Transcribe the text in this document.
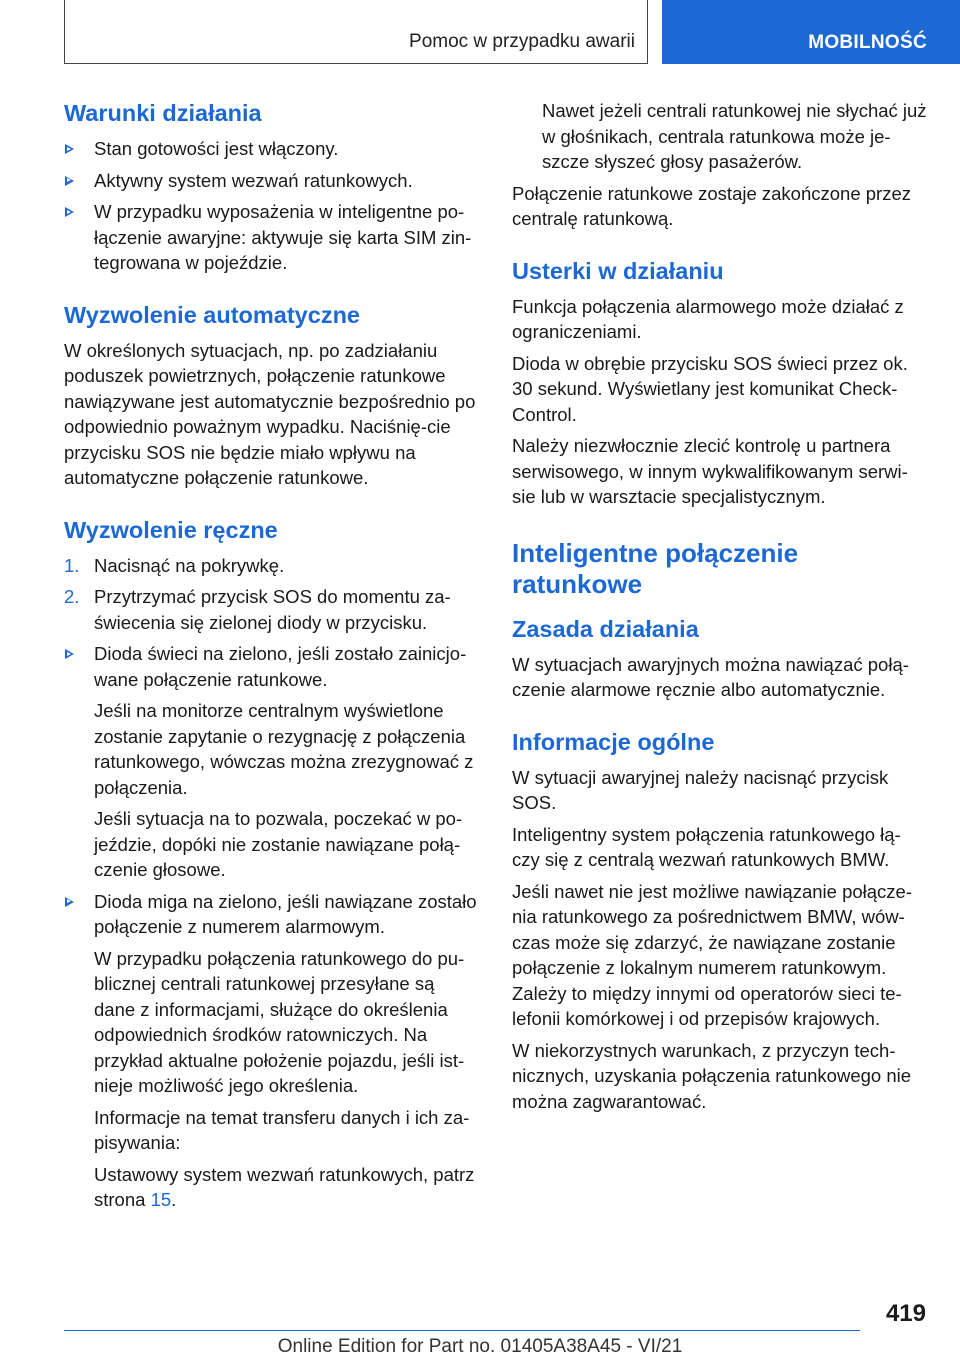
Pomoc w przypadku awarii	MOBILNOŚĆ
Warunki działania
Stan gotowości jest włączony.
Aktywny system wezwań ratunkowych.
W przypadku wyposażenia w inteligentne po-łączenie awaryjne: aktywuje się karta SIM zin-tegrowana w pojeździe.
Wyzwolenie automatyczne

W określonych sytuacjach, np. po zadziałaniu poduszek powietrznych, połączenie ratunkowe nawiązywane jest automatycznie bezpośrednio po odpowiednio poważnym wypadku. Naciśnię-cie przycisku SOS nie będzie miało wpływu na automatyczne połączenie ratunkowe.

Wyzwolenie ręczne
1. Nacisnąć na pokrywkę.
2. Przytrzymać przycisk SOS do momentu za-świecenia się zielonej diody w przycisku.
Dioda świeci na zielono, jeśli zostało zainicjo-wane połączenie ratunkowe.

Jeśli na monitorze centralnym wyświetlone zostanie zapytanie o rezygnację z połączenia ratunkowego, wówczas można zrezygnować z połączenia.

Jeśli sytuacja na to pozwala, poczekać w po-jeździe, dopóki nie zostanie nawiązane połą-czenie głosowe.

Dioda miga na zielono, jeśli nawiązane zostało połączenie z numerem alarmowym.

W przypadku połączenia ratunkowego do pu-blicznej centrali ratunkowej przesyłane są dane z informacjami, służące do określenia odpowiednich środków ratowniczych. Na przykład aktualne położenie pojazdu, jeśli ist-nieje możliwość jego określenia.

Informacje na temat transferu danych i ich za-pisywania:

Ustawowy system wezwań ratunkowych, patrz strona 15.

Nawet jeżeli centrali ratunkowej nie słychać już w głośnikach, centrala ratunkowa może je-szcze słyszeć głosy pasażerów.

Połączenie ratunkowe zostaje zakończone przez centralę ratunkową.

Usterki w działaniu

Funkcja połączenia alarmowego może działać z ograniczeniami.

Dioda w obrębie przycisku SOS świeci przez ok. 30 sekund. Wyświetlany jest komunikat Check-Control.

Należy niezwłocznie zlecić kontrolę u partnera serwisowego, w innym wykwalifikowanym serwi-sie lub w warsztacie specjalistycznym.

Inteligentne połączenie ratunkowe
Zasada działania

W sytuacjach awaryjnych można nawiązać połą-czenie alarmowe ręcznie albo automatycznie.

Informacje ogólne

W sytuacji awaryjnej należy nacisnąć przycisk SOS.

Inteligentny system połączenia ratunkowego łą-czy się z centralą wezwań ratunkowych BMW.

Jeśli nawet nie jest możliwe nawiązanie połącze-nia ratunkowego za pośrednictwem BMW, wów-czas może się zdarzyć, że nawiązane zostanie połączenie z lokalnym numerem ratunkowym. Zależy to między innymi od operatorów sieci te-lefonii komórkowej i od przepisów krajowych.

W niekorzystnych warunkach, z przyczyn tech-nicznych, uzyskania połączenia ratunkowego nie można zagwarantować.

419
Online Edition for Part no. 01405A38A45 - VI/21
